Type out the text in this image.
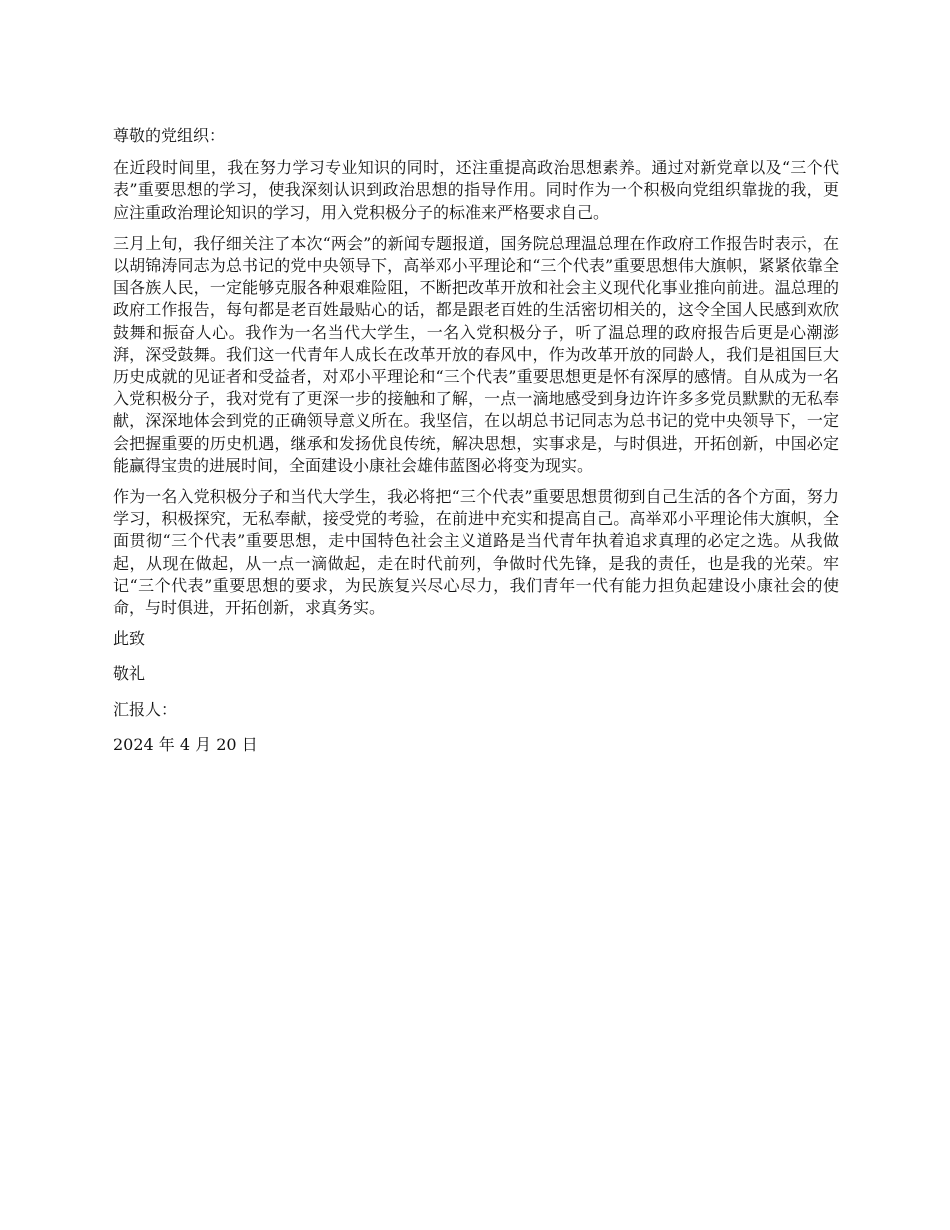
尊敬的党组织：

在近段时间里，我在努力学习专业知识的同时，还注重提高政治思想素养。通过对新党章以及“三个代表”重要思想的学习，使我深刻认识到政治思想的指导作用。同时作为一个积极向党组织靠拢的我，更应注重政治理论知识的学习，用入党积极分子的标准来严格要求自己。

三月上旬，我仔细关注了本次“两会”的新闻专题报道，国务院总理温总理在作政府工作报告时表示，在以胡锦涛同志为总书记的党中央领导下，高举邓小平理论和“三个代表”重要思想伟大旗帜，紧紧依靠全国各族人民，一定能够克服各种艰难险阻，不断把改革开放和社会主义现代化事业推向前进。温总理的政府工作报告，每句都是老百姓最贴心的话，都是跟老百姓的生活密切相关的，这令全国人民感到欢欣鼓舞和振奋人心。我作为一名当代大学生，一名入党积极分子，听了温总理的政府报告后更是心潮澎湃，深受鼓舞。我们这一代青年人成长在改革开放的春风中，作为改革开放的同龄人，我们是祖国巨大历史成就的见证者和受益者，对邓小平理论和“三个代表”重要思想更是怀有深厚的感情。自从成为一名入党积极分子，我对党有了更深一步的接触和了解，一点一滴地感受到身边许许多多党员默默的无私奉献，深深地体会到党的正确领导意义所在。我坚信，在以胡总书记同志为总书记的党中央领导下，一定会把握重要的历史机遇，继承和发扬优良传统，解决思想，实事求是，与时俱进，开拓创新，中国必定能赢得宝贵的进展时间，全面建设小康社会雄伟蓝图必将变为现实。

作为一名入党积极分子和当代大学生，我必将把“三个代表”重要思想贯彻到自己生活的各个方面，努力学习，积极探究，无私奉献，接受党的考验，在前进中充实和提高自己。高举邓小平理论伟大旗帜，全面贯彻“三个代表”重要思想，走中国特色社会主义道路是当代青年执着追求真理的必定之选。从我做起，从现在做起，从一点一滴做起，走在时代前列，争做时代先锋，是我的责任，也是我的光荣。牢记“三个代表”重要思想的要求，为民族复兴尽心尽力，我们青年一代有能力担负起建设小康社会的使命，与时俱进，开拓创新，求真务实。

此致

敬礼

汇报人：

2024 年 4 月 20 日
